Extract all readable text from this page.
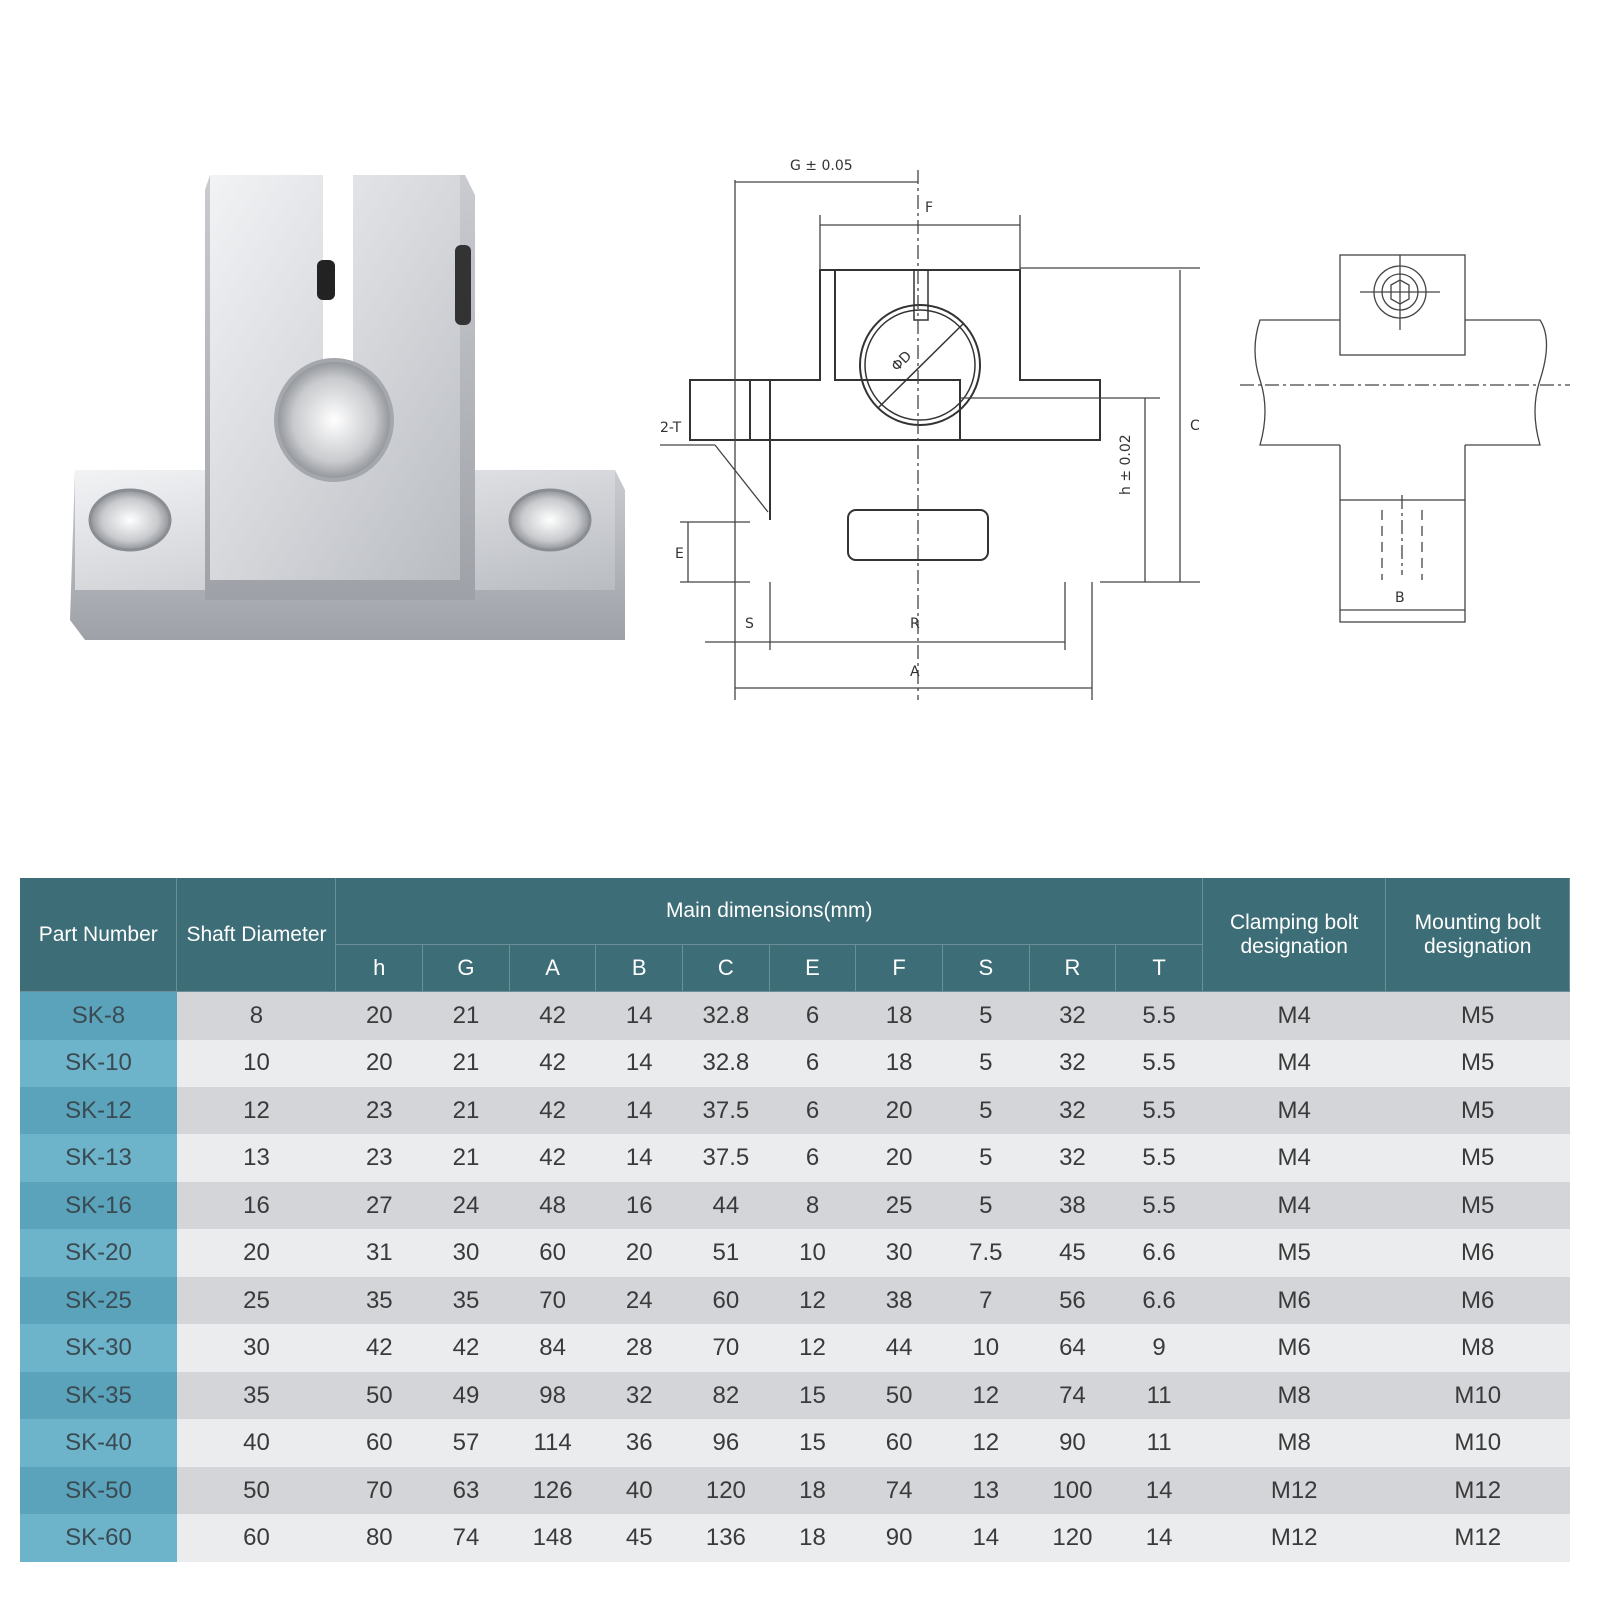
G ± 0.05
F
2-T	C
h ± 0.02
ΦD
E
S	R
A
B
Part Number	Shaft Diameter	Main dimensions(mm)										Clamping bolt designation	Mounting bolt designation
		h	G	A	B	C	E	F	S	R	T		
SK-8	8	20	21	42	14	32.8	6	18	5	32	5.5	M4	M5
SK-10	10	20	21	42	14	32.8	6	18	5	32	5.5	M4	M5
SK-12	12	23	21	42	14	37.5	6	20	5	32	5.5	M4	M5
SK-13	13	23	21	42	14	37.5	6	20	5	32	5.5	M4	M5
SK-16	16	27	24	48	16	44	8	25	5	38	5.5	M4	M5
SK-20	20	31	30	60	20	51	10	30	7.5	45	6.6	M5	M6
SK-25	25	35	35	70	24	60	12	38	7	56	6.6	M6	M6
SK-30	30	42	42	84	28	70	12	44	10	64	9	M6	M8
SK-35	35	50	49	98	32	82	15	50	12	74	11	M8	M10
SK-40	40	60	57	114	36	96	15	60	12	90	11	M8	M10
SK-50	50	70	63	126	40	120	18	74	13	100	14	M12	M12
SK-60	60	80	74	148	45	136	18	90	14	120	14	M12	M12
